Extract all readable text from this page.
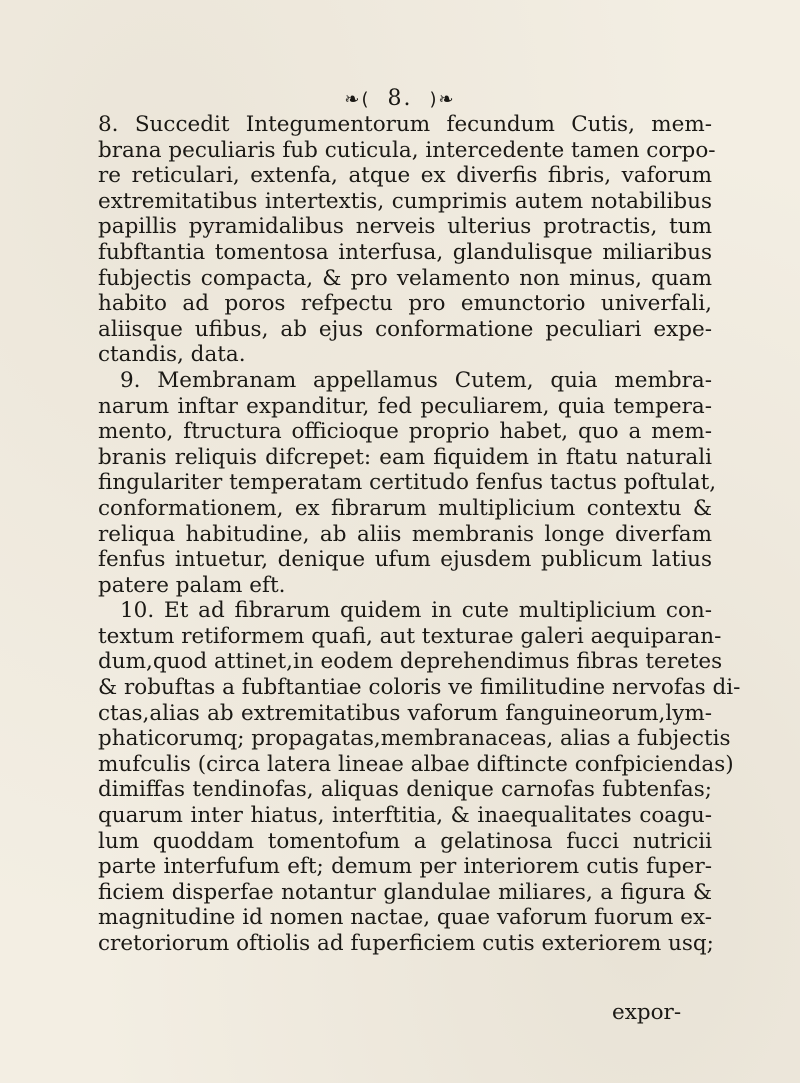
❧( 8. )❧
8. Succedit Integumentorum fecundum Cutis, mem-
brana peculiaris fub cuticula, intercedente tamen corpo-
re reticulari, extenfa, atque ex diverfis fibris, vaforum
extremitatibus intertextis, cumprimis autem notabilibus
papillis pyramidalibus nerveis ulterius protractis, tum
fubftantia tomentosa interfusa, glandulisque miliaribus
fubjectis compacta, & pro velamento non minus, quam
habito ad poros refpectu pro emunctorio univerfali,
aliisque ufibus, ab ejus conformatione peculiari expe-
ctandis, data.
9. Membranam appellamus Cutem, quia membra-
narum inftar expanditur, fed peculiarem, quia tempera-
mento, ftructura officioque proprio habet, quo a mem-
branis reliquis difcrepet: eam fiquidem in ftatu naturali
fingulariter temperatam certitudo fenfus tactus poftulat,
conformationem, ex fibrarum multiplicium contextu &
reliqua habitudine, ab aliis membranis longe diverfam
fenfus intuetur, denique ufum ejusdem publicum latius
patere palam eft.
10. Et ad fibrarum quidem in cute multiplicium con-
textum retiformem quafi, aut texturae galeri aequiparan-
dum,quod attinet,in eodem deprehendimus fibras teretes
& robuftas a fubftantiae coloris ve fimilitudine nervofas di-
ctas,alias ab extremitatibus vaforum fanguineorum,lym-
phaticorumq; propagatas,membranaceas, alias a fubjectis
mufculis (circa latera lineae albae diftincte confpiciendas)
dimiffas tendinofas, aliquas denique carnofas fubtenfas;
quarum inter hiatus, interftitia, & inaequalitates coagu-
lum quoddam tomentofum a gelatinosa fucci nutricii
parte interfufum eft; demum per interiorem cutis fuper-
ficiem disperfae notantur glandulae miliares, a figura &
magnitudine id nomen nactae, quae vaforum fuorum ex-
cretoriorum oftiolis ad fuperficiem cutis exteriorem usq;
expor-
